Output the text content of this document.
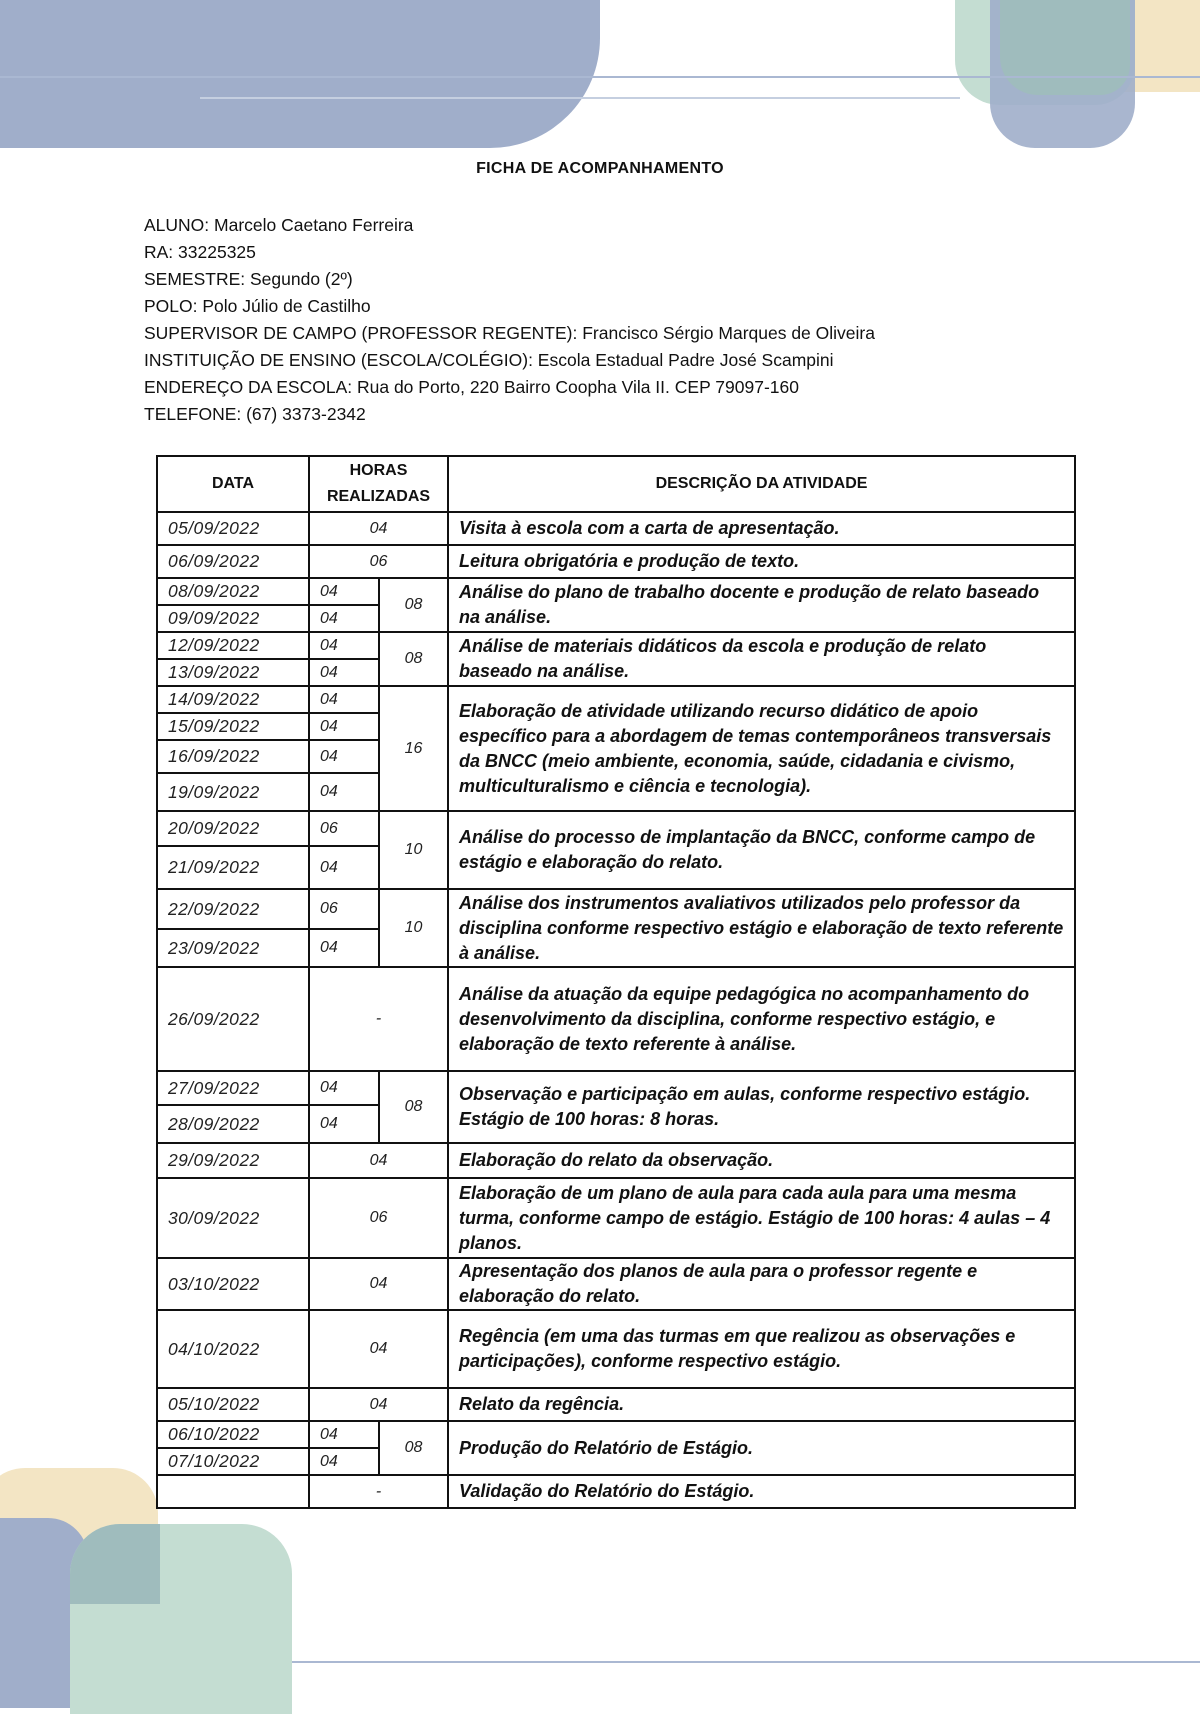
FICHA DE ACOMPANHAMENTO
ALUNO: Marcelo Caetano Ferreira
RA: 33225325
SEMESTRE: Segundo (2º)
POLO: Polo Júlio de Castilho
SUPERVISOR DE CAMPO (PROFESSOR REGENTE): Francisco Sérgio Marques de Oliveira
INSTITUIÇÃO DE ENSINO (ESCOLA/COLÉGIO): Escola Estadual Padre José Scampini
ENDEREÇO DA ESCOLA: Rua do Porto, 220 Bairro Coopha Vila II. CEP 79097-160
TELEFONE: (67) 3373-2342
DATA	HORAS
REALIZADAS		DESCRIÇÃO DA ATIVIDADE
05/09/2022	04		Visita à escola com a carta de apresentação.
06/09/2022	06		Leitura obrigatória e produção de texto.
08/09/2022	04	08	Análise do plano de trabalho docente e produção de relato baseado na análise.
09/09/2022	04		
12/09/2022	04	08	Análise de materiais didáticos da escola e produção de relato baseado na análise.
13/09/2022	04		
14/09/2022	04	16	Elaboração de atividade utilizando recurso didático de apoio específico para a abordagem de temas contemporâneos transversais da BNCC (meio ambiente, economia, saúde, cidadania e civismo, multiculturalismo e ciência e tecnologia).
15/09/2022	04		
16/09/2022	04		
19/09/2022	04		
20/09/2022	06	10	Análise do processo de implantação da BNCC, conforme campo de estágio e elaboração do relato.
21/09/2022	04		
22/09/2022	06	10	Análise dos instrumentos avaliativos utilizados pelo professor da disciplina conforme respectivo estágio e elaboração de texto referente à análise.
23/09/2022	04		
26/09/2022	-		Análise da atuação da equipe pedagógica no acompanhamento do desenvolvimento da disciplina, conforme respectivo estágio, e elaboração de texto referente à análise.
27/09/2022	04	08	Observação e participação em aulas, conforme respectivo estágio. Estágio de 100 horas: 8 horas.
28/09/2022	04		
29/09/2022	04		Elaboração do relato da observação.
30/09/2022	06		Elaboração de um plano de aula para cada aula para uma mesma turma, conforme campo de estágio. Estágio de 100 horas: 4 aulas – 4 planos.
03/10/2022	04		Apresentação dos planos de aula para o professor regente e elaboração do relato.
04/10/2022	04		Regência (em uma das turmas em que realizou as observações e participações), conforme respectivo estágio.
05/10/2022	04		Relato da regência.
06/10/2022	04	08	Produção do Relatório de Estágio.
07/10/2022	04		
	-		Validação do Relatório do Estágio.
